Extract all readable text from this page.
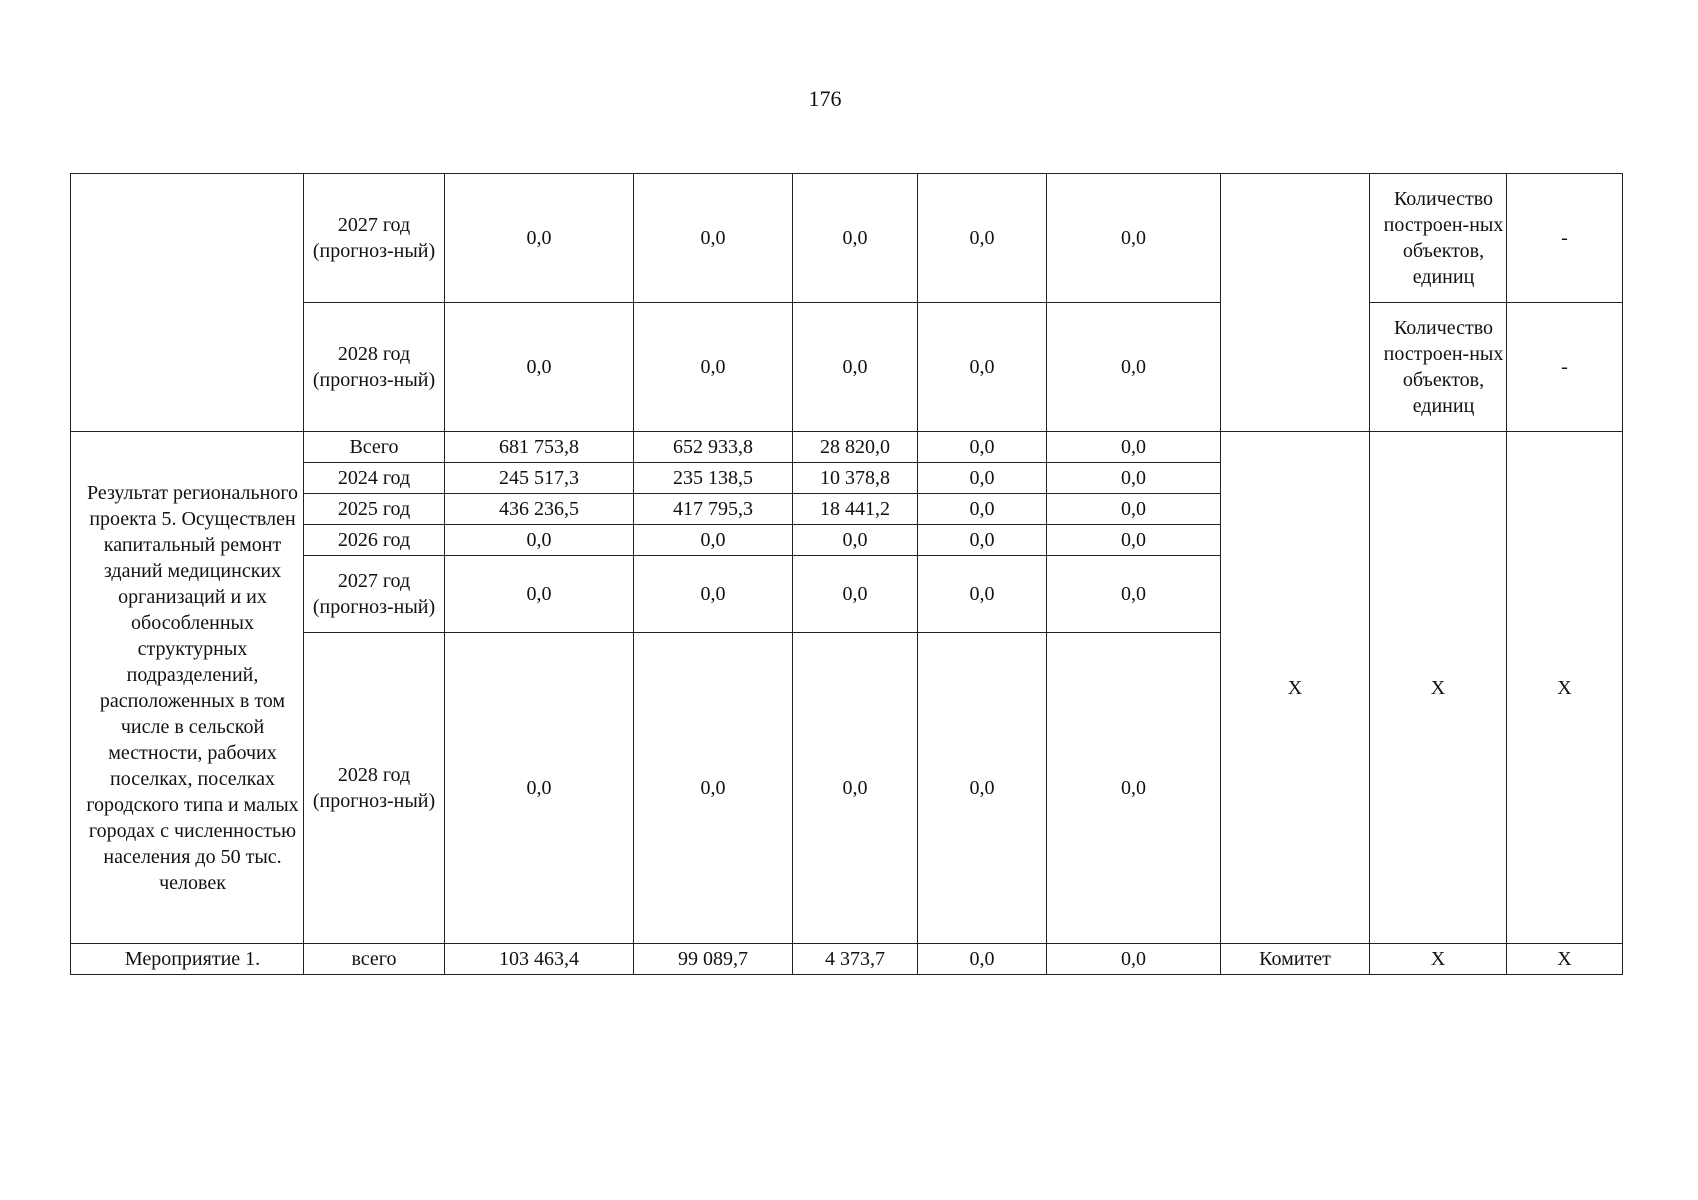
176
	2027 год (прогноз-ный)	0,0	0,0	0,0	0,0	0,0		Количество построен-ных объектов, единиц	-
	2028 год (прогноз-ный)	0,0	0,0	0,0	0,0	0,0		Количество построен-ных объектов, единиц	-
Результат регионального проекта 5. Осуществлен капитальный ремонт зданий медицинских организаций и их обособленных структурных подразделений, расположенных в том числе в сельской местности, рабочих поселках, поселках городского типа и малых городах с численностью населения до 50 тыс. человек	Всего	681 753,8	652 933,8	28 820,0	0,0	0,0	X	X	X
	2024 год	245 517,3	235 138,5	10 378,8	0,0	0,0			
	2025 год	436 236,5	417 795,3	18 441,2	0,0	0,0			
	2026 год	0,0	0,0	0,0	0,0	0,0			
	2027 год (прогноз-ный)	0,0	0,0	0,0	0,0	0,0			
	2028 год (прогноз-ный)	0,0	0,0	0,0	0,0	0,0			
Мероприятие 1.	всего	103 463,4	99 089,7	4 373,7	0,0	0,0	Комитет	X	X
